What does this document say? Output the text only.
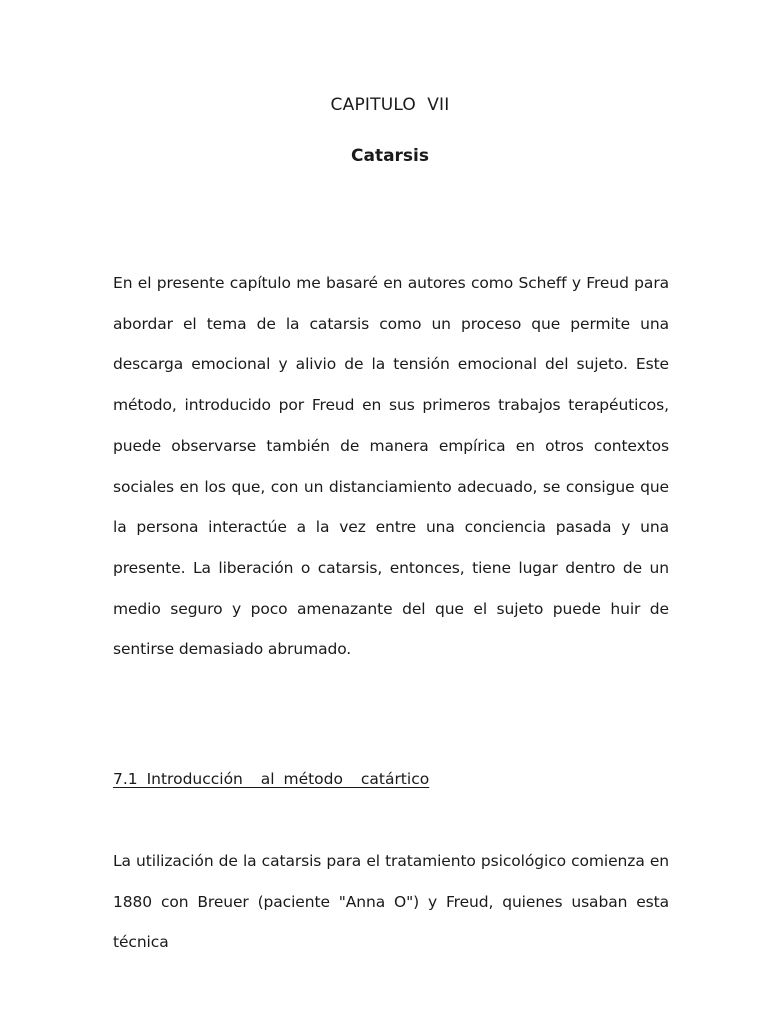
CAPITULO  VII
Catarsis

En el presente capítulo me basaré en autores como Scheff y Freud para abordar el tema de la catarsis como un proceso que permite una descarga emocional y alivio de la tensión emocional del sujeto. Este método, introducido por Freud en sus primeros trabajos terapéuticos, puede observarse también de manera empírica en otros contextos sociales en los que, con un distanciamiento adecuado, se consigue que la persona interactúe a la vez entre una conciencia pasada y una presente. La liberación o catarsis, entonces, tiene lugar dentro de un medio seguro y poco amenazante del que el sujeto puede huir de sentirse demasiado abrumado.

7.1 Introducción  al método  catártico

La utilización de la catarsis para el tratamiento psicológico comienza en 1880 con Breuer (paciente "Anna O") y Freud, quienes usaban esta técnica
